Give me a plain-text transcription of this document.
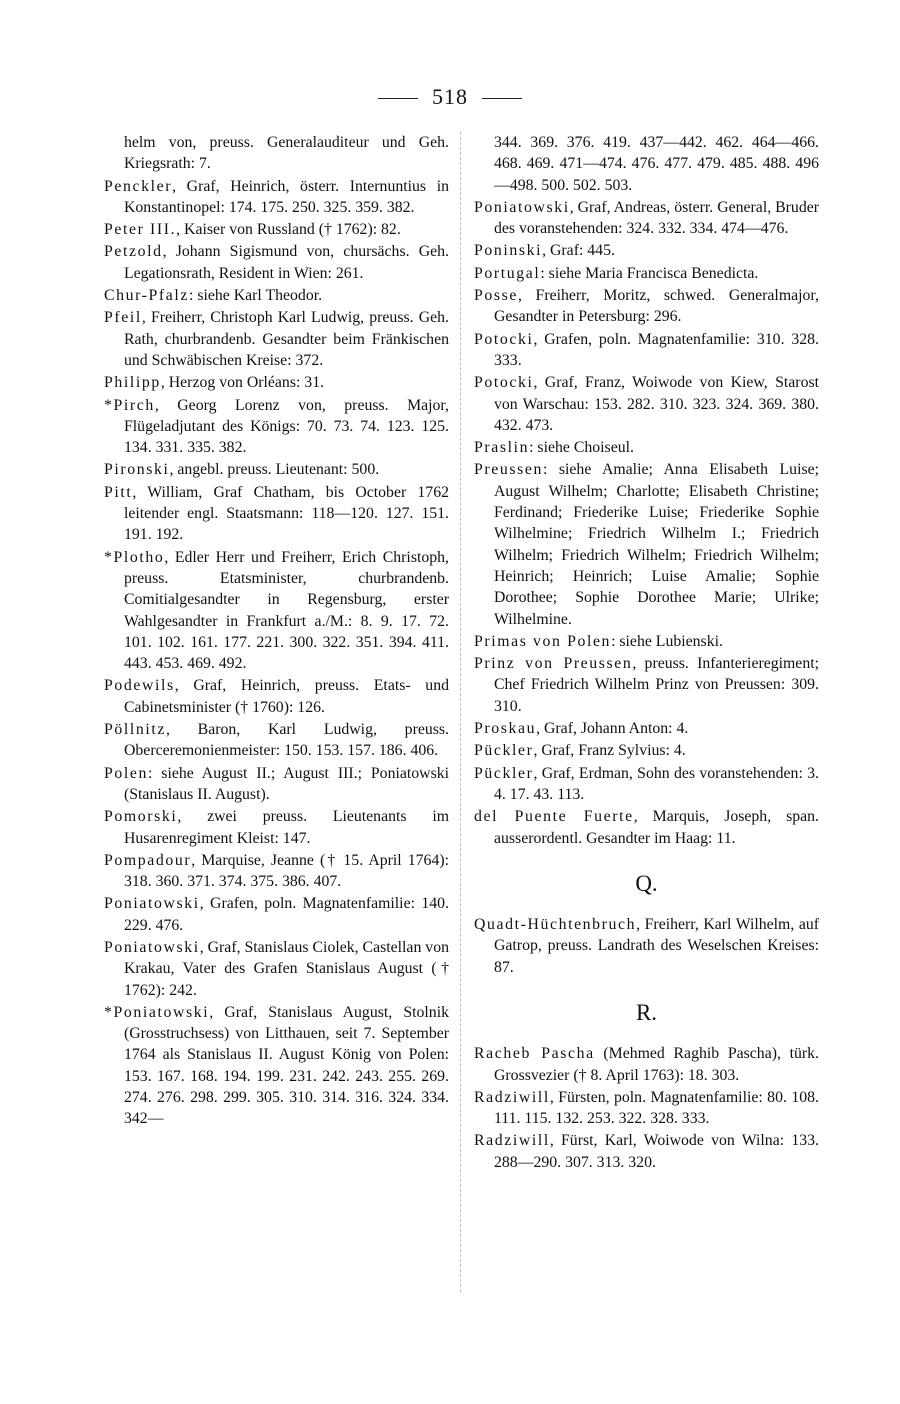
518
helm von, preuss. Generalauditeur und Geh. Kriegsrath: 7.
Penckler, Graf, Heinrich, österr. Internuntius in Konstantinopel: 174. 175. 250. 325. 359. 382.
Peter III., Kaiser von Russland († 1762): 82.
Petzold, Johann Sigismund von, chursächs. Geh. Legationsrath, Resident in Wien: 261.
Chur-Pfalz: siehe Karl Theodor.
Pfeil, Freiherr, Christoph Karl Ludwig, preuss. Geh. Rath, churbrandenb. Gesandter beim Fränkischen und Schwäbischen Kreise: 372.
Philipp, Herzog von Orléans: 31.
*Pirch, Georg Lorenz von, preuss. Major, Flügeladjutant des Königs: 70. 73. 74. 123. 125. 134. 331. 335. 382.
Pironski, angebl. preuss. Lieutenant: 500.
Pitt, William, Graf Chatham, bis October 1762 leitender engl. Staatsmann: 118—120. 127. 151. 191. 192.
*Plotho, Edler Herr und Freiherr, Erich Christoph, preuss. Etatsminister, churbrandenb. Comitialgesandter in Regensburg, erster Wahlgesandter in Frankfurt a./M.: 8. 9. 17. 72. 101. 102. 161. 177. 221. 300. 322. 351. 394. 411. 443. 453. 469. 492.
Podewils, Graf, Heinrich, preuss. Etats- und Cabinetsminister († 1760): 126.
Pöllnitz, Baron, Karl Ludwig, preuss. Oberceremonienmeister: 150. 153. 157. 186. 406.
Polen: siehe August II.; August III.; Poniatowski (Stanislaus II. August).
Pomorski, zwei preuss. Lieutenants im Husarenregiment Kleist: 147.
Pompadour, Marquise, Jeanne († 15. April 1764): 318. 360. 371. 374. 375. 386. 407.
Poniatowski, Grafen, poln. Magnatenfamilie: 140. 229. 476.
Poniatowski, Graf, Stanislaus Ciolek, Castellan von Krakau, Vater des Grafen Stanislaus August († 1762): 242.
*Poniatowski, Graf, Stanislaus August, Stolnik (Grosstruchsess) von Litthauen, seit 7. September 1764 als Stanislaus II. August König von Polen: 153. 167. 168. 194. 199. 231. 242. 243. 255. 269. 274. 276. 298. 299. 305. 310. 314. 316. 324. 334. 342—
344. 369. 376. 419. 437—442. 462. 464—466. 468. 469. 471—474. 476. 477. 479. 485. 488. 496—498. 500. 502. 503.
Poniatowski, Graf, Andreas, österr. General, Bruder des voranstehenden: 324. 332. 334. 474—476.
Poninski, Graf: 445.
Portugal: siehe Maria Francisca Benedicta.
Posse, Freiherr, Moritz, schwed. Generalmajor, Gesandter in Petersburg: 296.
Potocki, Grafen, poln. Magnatenfamilie: 310. 328. 333.
Potocki, Graf, Franz, Woiwode von Kiew, Starost von Warschau: 153. 282. 310. 323. 324. 369. 380. 432. 473.
Praslin: siehe Choiseul.
Preussen: siehe Amalie; Anna Elisabeth Luise; August Wilhelm; Charlotte; Elisabeth Christine; Ferdinand; Friederike Luise; Friederike Sophie Wilhelmine; Friedrich Wilhelm I.; Friedrich Wilhelm; Friedrich Wilhelm; Friedrich Wilhelm; Heinrich; Heinrich; Luise Amalie; Sophie Dorothee; Sophie Dorothee Marie; Ulrike; Wilhelmine.
Primas von Polen: siehe Lubienski.
Prinz von Preussen, preuss. Infanterieregiment; Chef Friedrich Wilhelm Prinz von Preussen: 309. 310.
Proskau, Graf, Johann Anton: 4.
Pückler, Graf, Franz Sylvius: 4.
Pückler, Graf, Erdman, Sohn des voranstehenden: 3. 4. 17. 43. 113.
del Puente Fuerte, Marquis, Joseph, span. ausserordentl. Gesandter im Haag: 11.
Q.
Quadt-Hüchtenbruch, Freiherr, Karl Wilhelm, auf Gatrop, preuss. Landrath des Weselschen Kreises: 87.
R.
Racheb Pascha (Mehmed Raghib Pascha), türk. Grossvezier († 8. April 1763): 18. 303.
Radziwill, Fürsten, poln. Magnatenfamilie: 80. 108. 111. 115. 132. 253. 322. 328. 333.
Radziwill, Fürst, Karl, Woiwode von Wilna: 133. 288—290. 307. 313. 320.
